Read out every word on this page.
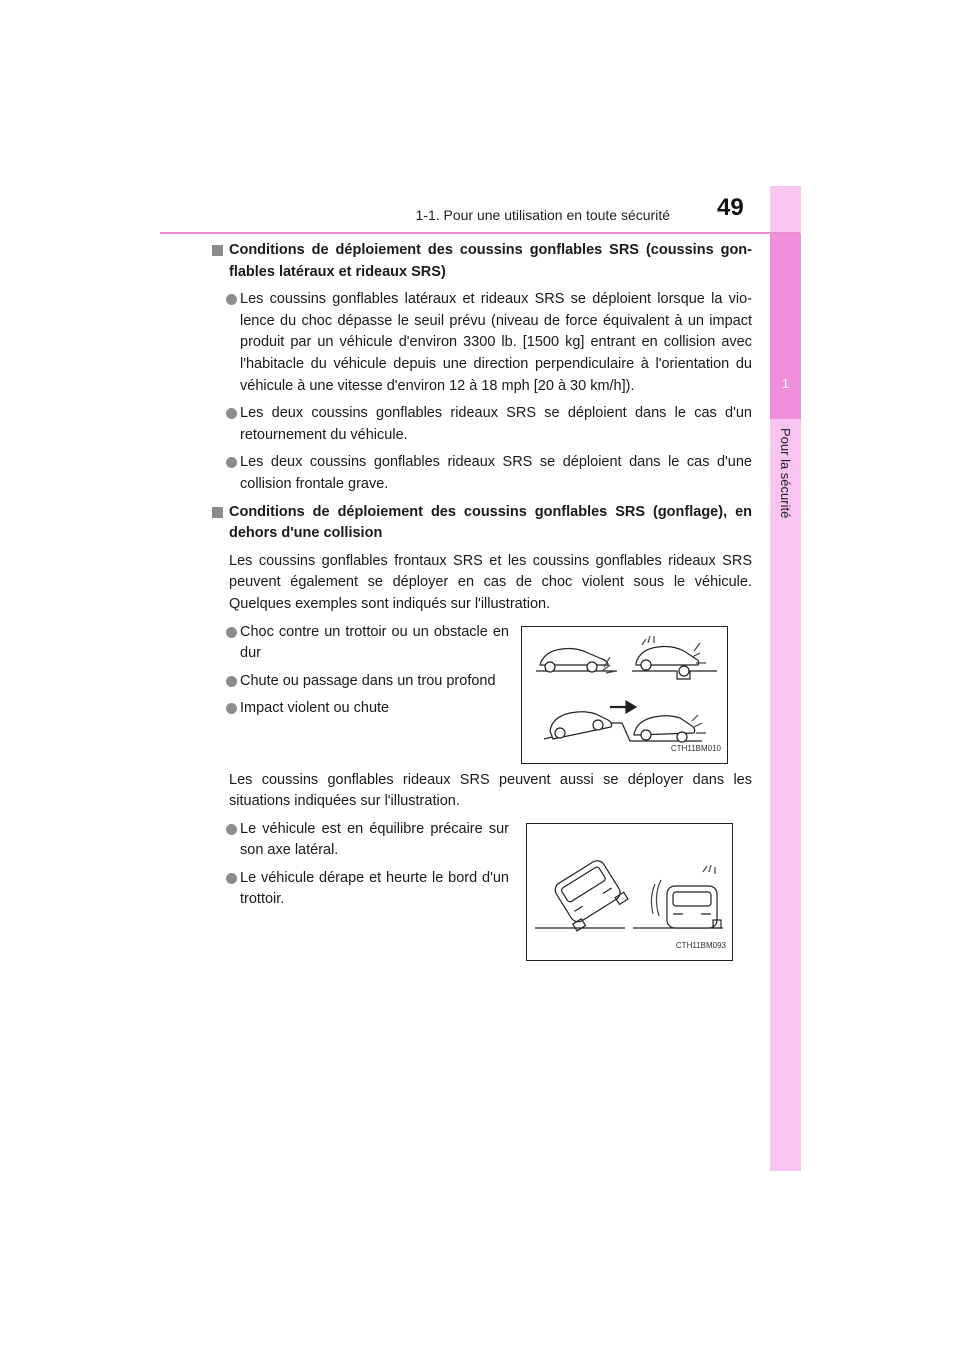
1
Pour la sécurité
1-1. Pour une utilisation en toute sécurité 49
Conditions de déploiement des coussins gonflables SRS (coussins gon-flables latéraux et rideaux SRS)
Les coussins gonflables latéraux et rideaux SRS se déploient lorsque la vio-lence du choc dépasse le seuil prévu (niveau de force équivalent à un impact produit par un véhicule d'environ 3300 lb. [1500 kg] entrant en collision avec l'habitacle du véhicule depuis une direction perpendiculaire à l'orientation du véhicule à une vitesse d'environ 12 à 18 mph [20 à 30 km/h]).
Les deux coussins gonflables rideaux SRS se déploient dans le cas d'un retournement du véhicule.
Les deux coussins gonflables rideaux SRS se déploient dans le cas d'une collision frontale grave.
Conditions de déploiement des coussins gonflables SRS (gonflage), en dehors d'une collision
Les coussins gonflables frontaux SRS et les coussins gonflables rideaux SRS peuvent également se déployer en cas de choc violent sous le véhicule. Quelques exemples sont indiqués sur l'illustration.
Choc contre un trottoir ou un obstacle en dur
Chute ou passage dans un trou profond
Impact violent ou chute
CTH11BM010
Les coussins gonflables rideaux SRS peuvent aussi se déployer dans les situations indiquées sur l'illustration.
Le véhicule est en équilibre précaire sur son axe latéral.
Le véhicule dérape et heurte le bord d'un trottoir.
CTH11BM093
